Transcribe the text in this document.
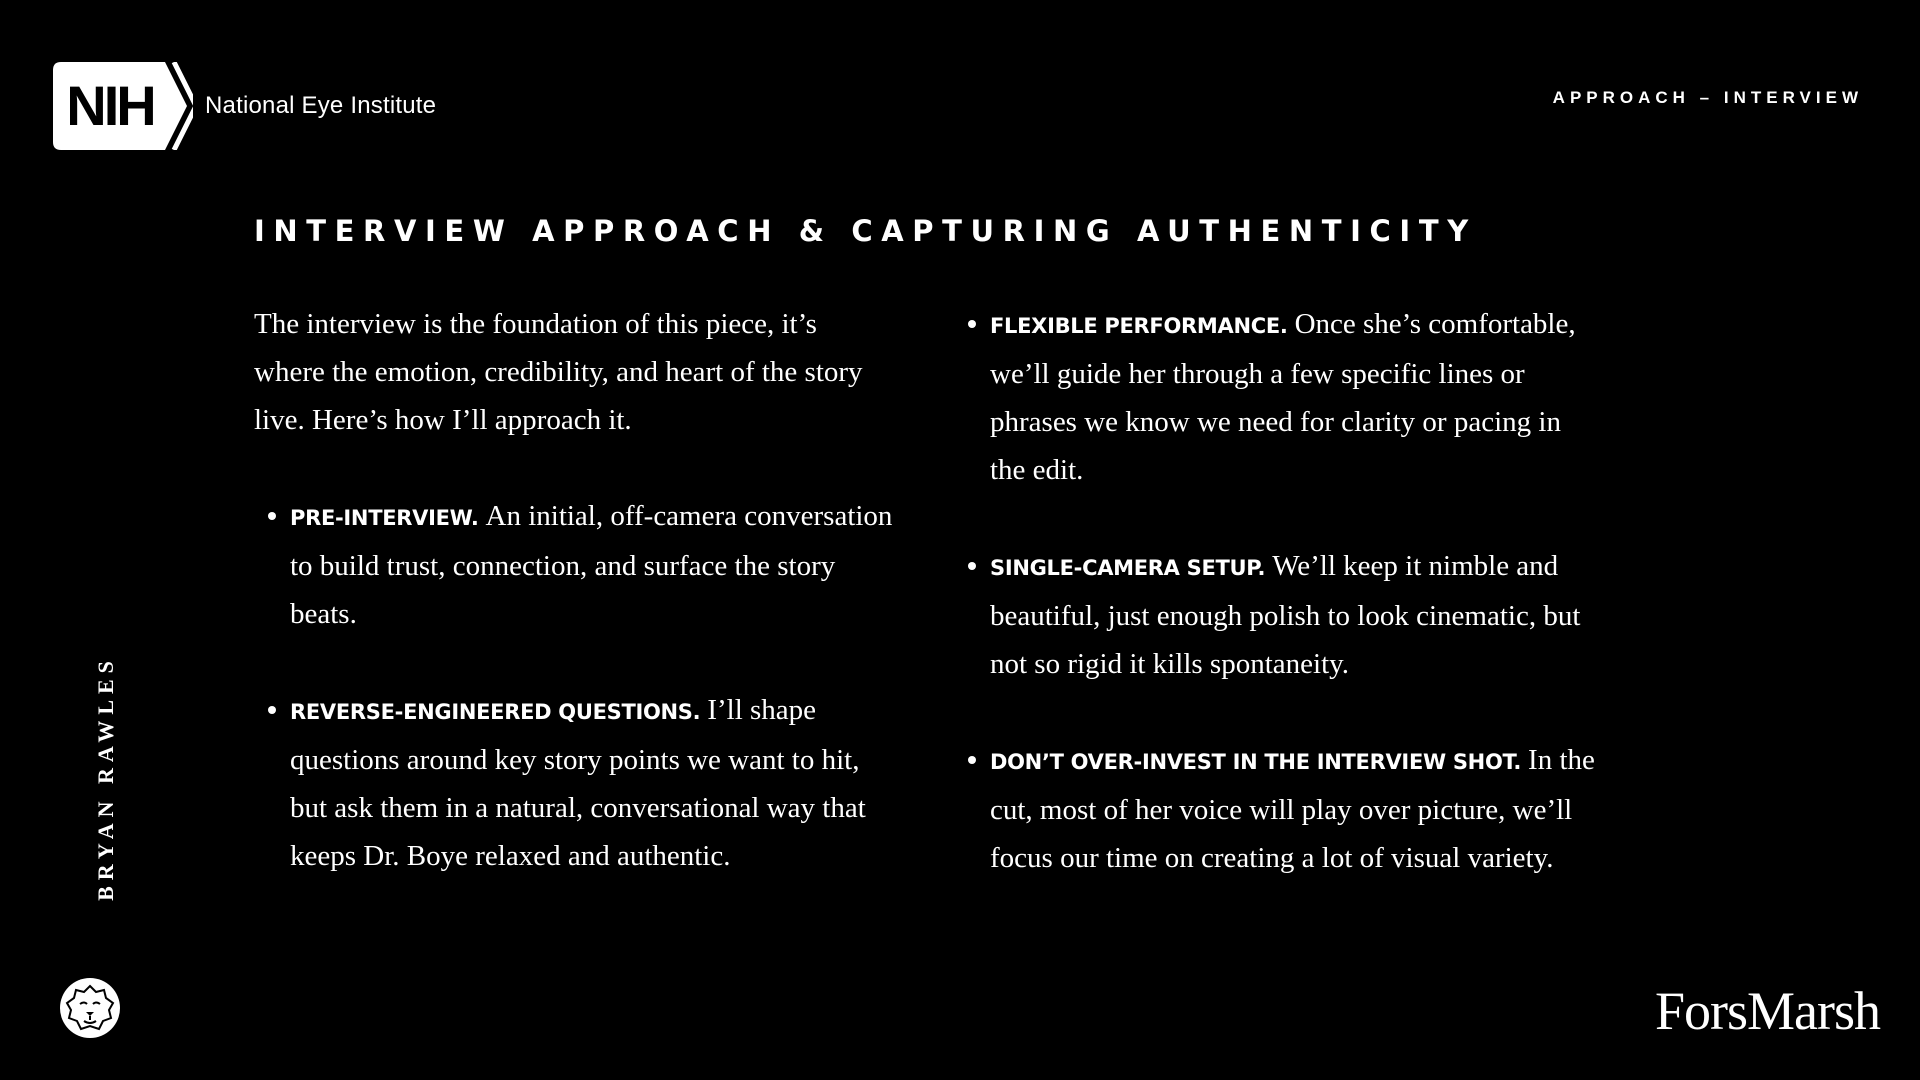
NIH National Eye Institute	APPROACH – INTERVIEW
INTERVIEW APPROACH & CAPTURING AUTHENTICITY

The interview is the foundation of this piece, it’s where the emotion, credibility, and heart of the story live. Here’s how I’ll approach it.

PRE-INTERVIEW. An initial, off-camera conversation to build trust, connection, and surface the story beats.
REVERSE-ENGINEERED QUESTIONS. I’ll shape questions around key story points we want to hit, but ask them in a natural, conversational way that keeps Dr. Boye relaxed and authentic.
FLEXIBLE PERFORMANCE. Once she’s comfortable, we’ll guide her through a few specific lines or phrases we know we need for clarity or pacing in the edit.
SINGLE-CAMERA SETUP. We’ll keep it nimble and beautiful, just enough polish to look cinematic, but not so rigid it kills spontaneity.
DON’T OVER-INVEST IN THE INTERVIEW SHOT. In the cut, most of her voice will play over picture, we’ll focus our time on creating a lot of visual variety.
BRYAN RAWLES
ForsMarsh
